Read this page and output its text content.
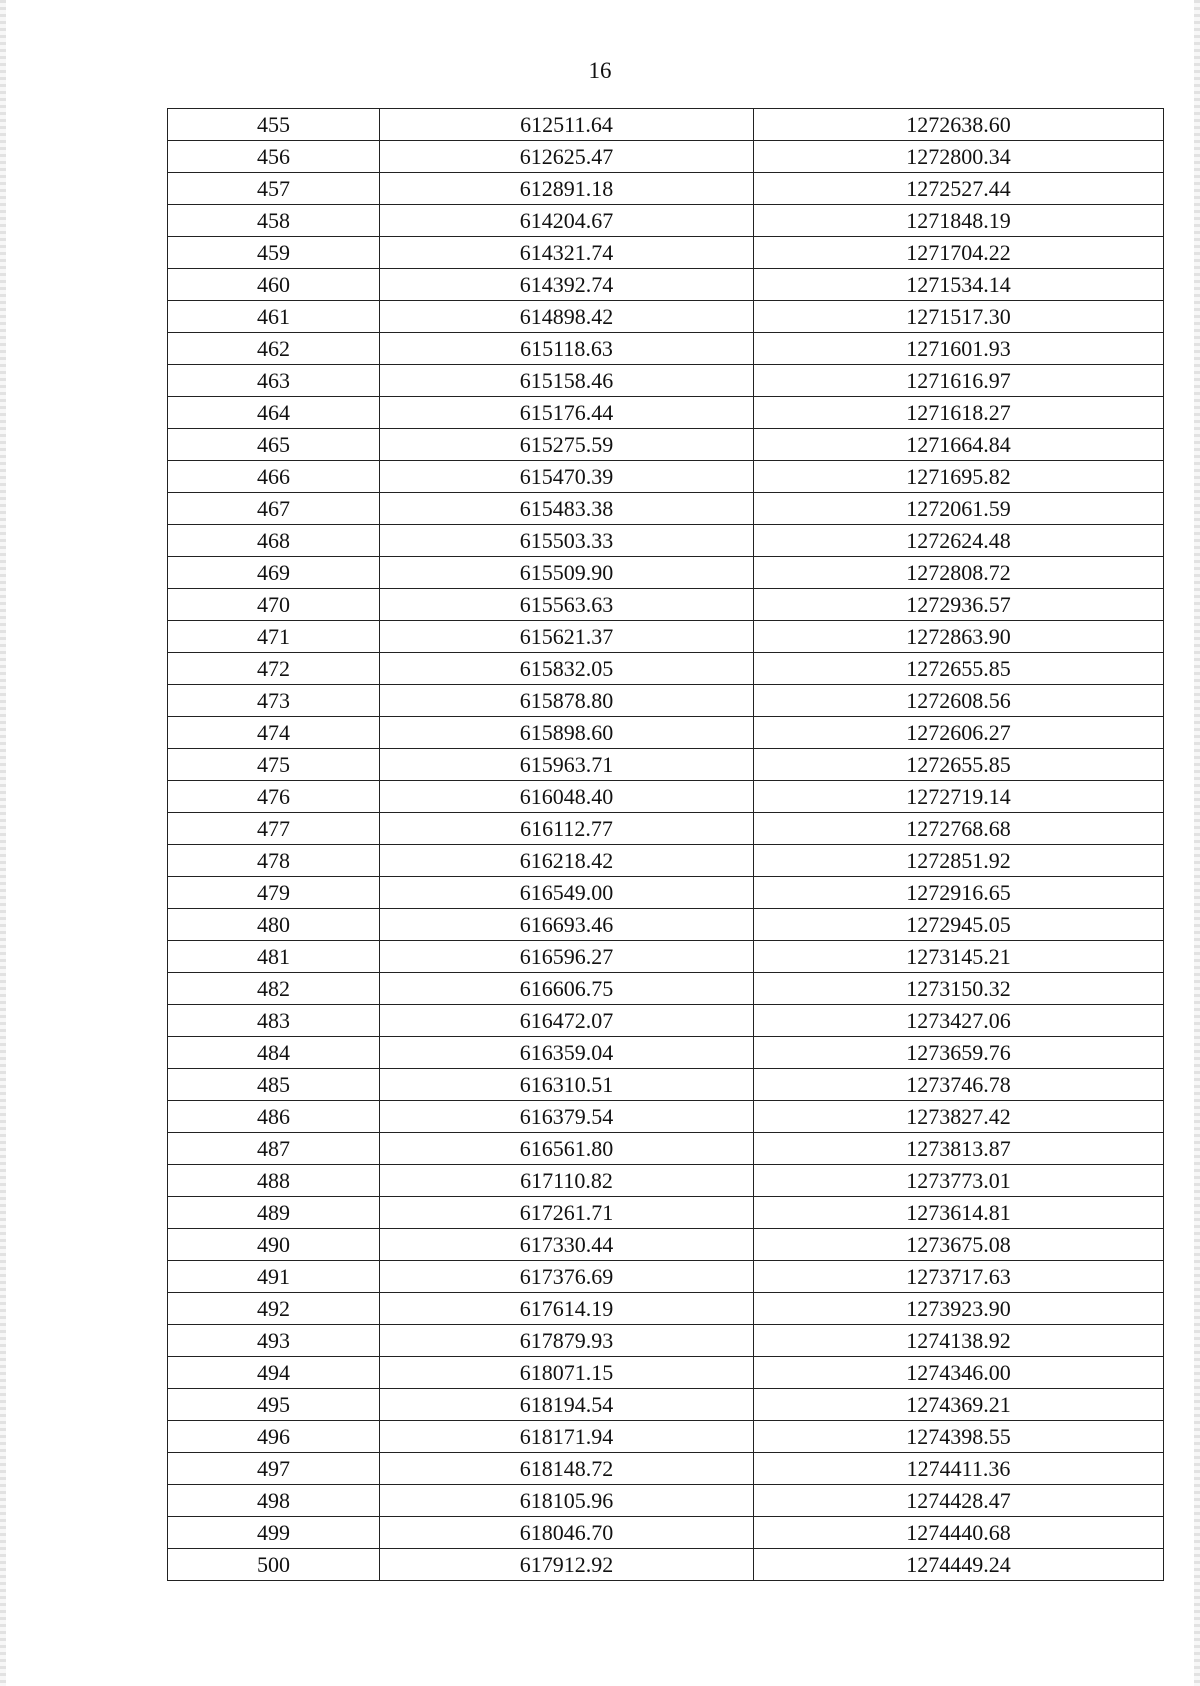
16
455	612511.64	1272638.60
456	612625.47	1272800.34
457	612891.18	1272527.44
458	614204.67	1271848.19
459	614321.74	1271704.22
460	614392.74	1271534.14
461	614898.42	1271517.30
462	615118.63	1271601.93
463	615158.46	1271616.97
464	615176.44	1271618.27
465	615275.59	1271664.84
466	615470.39	1271695.82
467	615483.38	1272061.59
468	615503.33	1272624.48
469	615509.90	1272808.72
470	615563.63	1272936.57
471	615621.37	1272863.90
472	615832.05	1272655.85
473	615878.80	1272608.56
474	615898.60	1272606.27
475	615963.71	1272655.85
476	616048.40	1272719.14
477	616112.77	1272768.68
478	616218.42	1272851.92
479	616549.00	1272916.65
480	616693.46	1272945.05
481	616596.27	1273145.21
482	616606.75	1273150.32
483	616472.07	1273427.06
484	616359.04	1273659.76
485	616310.51	1273746.78
486	616379.54	1273827.42
487	616561.80	1273813.87
488	617110.82	1273773.01
489	617261.71	1273614.81
490	617330.44	1273675.08
491	617376.69	1273717.63
492	617614.19	1273923.90
493	617879.93	1274138.92
494	618071.15	1274346.00
495	618194.54	1274369.21
496	618171.94	1274398.55
497	618148.72	1274411.36
498	618105.96	1274428.47
499	618046.70	1274440.68
500	617912.92	1274449.24
